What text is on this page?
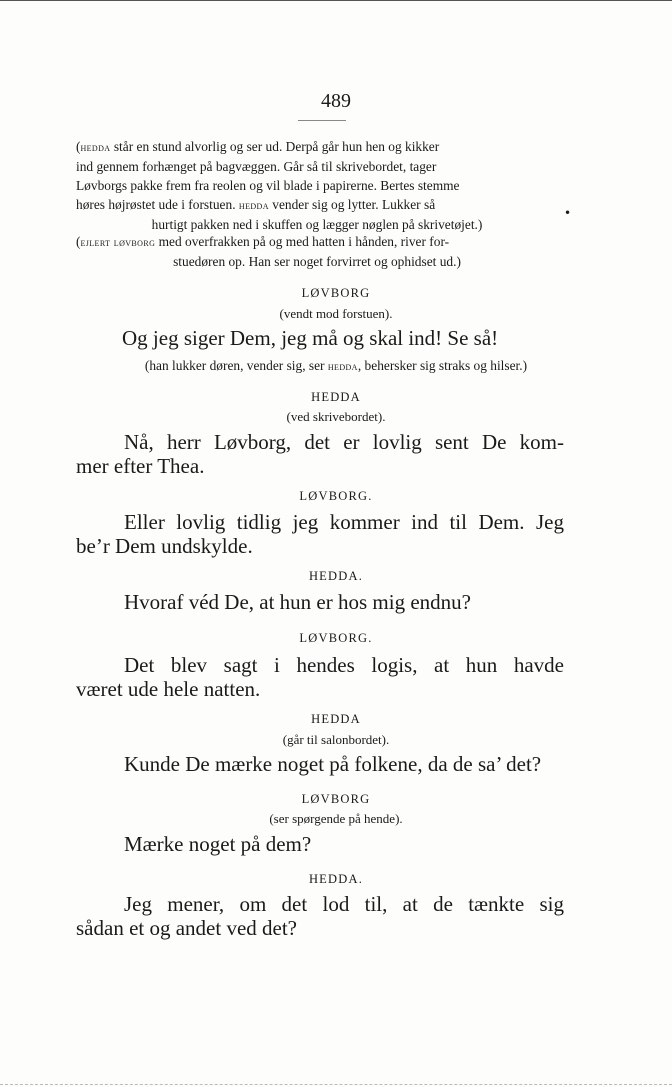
489
(hedda står en stund alvorlig og ser ud. Derpå går hun hen og kikker
ind gennem forhænget på bagvæggen. Går så til skrivebordet, tager
Løvborgs pakke frem fra reolen og vil blade i papirerne. Bertes stemme
høres højrøstet ude i forstuen. hedda vender sig og lytter. Lukker så
hurtigt pakken ned i skuffen og lægger nøglen på skrivetøjet.)
•
(ejlert løvborg med overfrakken på og med hatten i hånden, river for-
stuedøren op. Han ser noget forvirret og ophidset ud.)
LØVBORG
(vendt mod forstuen).
Og jeg siger Dem, jeg må og skal ind! Se så!
(han lukker døren, vender sig, ser hedda, behersker sig straks og hilser.)
HEDDA
(ved skrivebordet).
Nå, herr Løvborg, det er lovlig sent De kom-
mer efter Thea.
LØVBORG.
Eller lovlig tidlig jeg kommer ind til Dem. Jeg
be’r Dem undskylde.
HEDDA.
Hvoraf véd De, at hun er hos mig endnu?
LØVBORG.
Det blev sagt i hendes logis, at hun havde
været ude hele natten.
HEDDA
(går til salonbordet).
Kunde De mærke noget på folkene, da de sa’ det?
LØVBORG
(ser spørgende på hende).
Mærke noget på dem?
HEDDA.
Jeg mener, om det lod til, at de tænkte sig
sådan et og andet ved det?
